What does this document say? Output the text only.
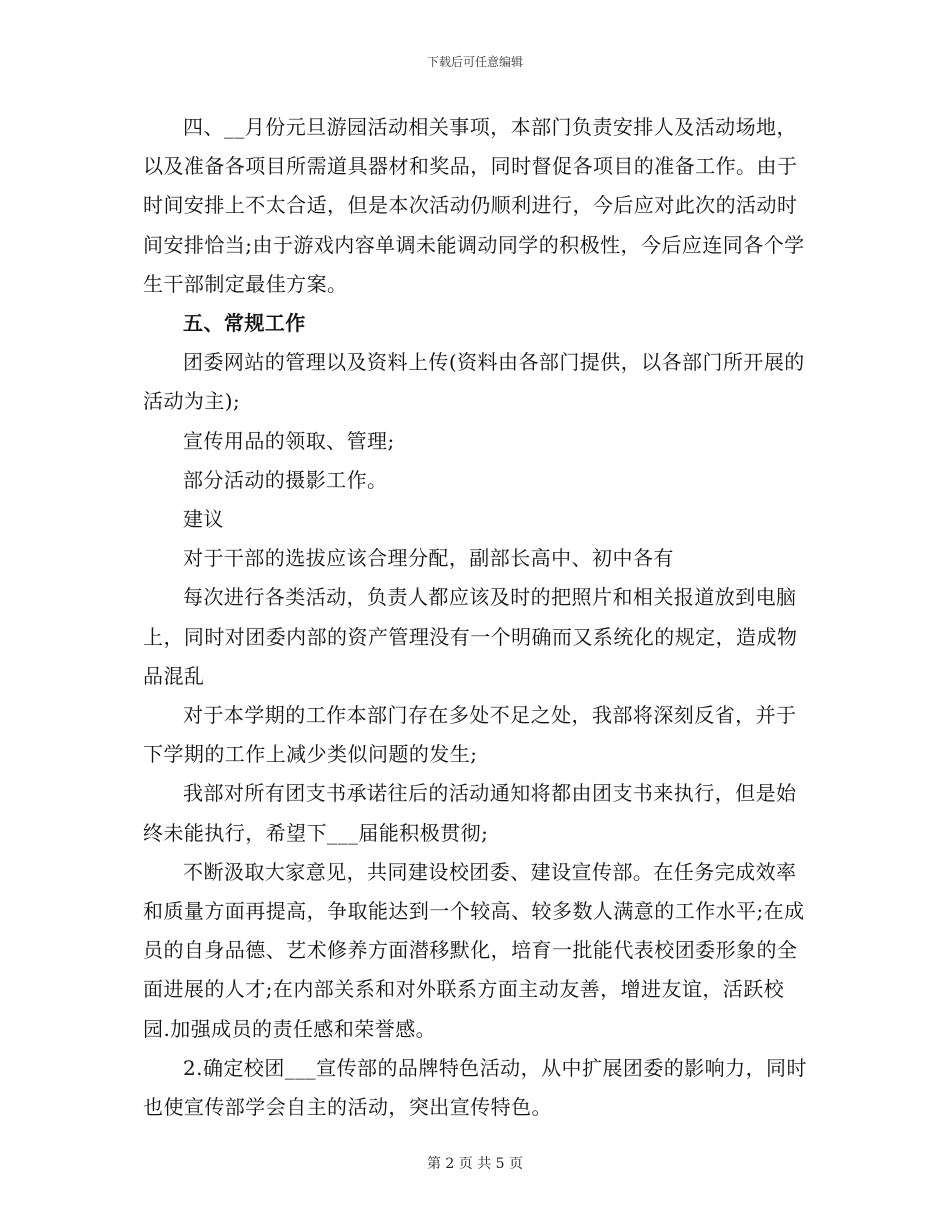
下载后可任意编辑

四、__月份元旦游园活动相关事项，本部门负责安排人及活动场地，以及准备各项目所需道具器材和奖品，同时督促各项目的准备工作。由于时间安排上不太合适，但是本次活动仍顺利进行，今后应对此次的活动时间安排恰当;由于游戏内容单调未能调动同学的积极性，今后应连同各个学生干部制定最佳方案。

五、常规工作

团委网站的管理以及资料上传(资料由各部门提供，以各部门所开展的活动为主);

宣传用品的领取、管理;

部分活动的摄影工作。

建议

对于干部的选拔应该合理分配，副部长高中、初中各有

每次进行各类活动，负责人都应该及时的把照片和相关报道放到电脑上，同时对团委内部的资产管理没有一个明确而又系统化的规定，造成物品混乱

对于本学期的工作本部门存在多处不足之处，我部将深刻反省，并于下学期的工作上减少类似问题的发生;

我部对所有团支书承诺往后的活动通知将都由团支书来执行，但是始终未能执行，希望下___届能积极贯彻;

不断汲取大家意见，共同建设校团委、建设宣传部。在任务完成效率和质量方面再提高，争取能达到一个较高、较多数人满意的工作水平;在成员的自身品德、艺术修养方面潜移默化，培育一批能代表校团委形象的全面进展的人才;在内部关系和对外联系方面主动友善，增进友谊，活跃校园.加强成员的责任感和荣誉感。

2.确定校团___宣传部的品牌特色活动，从中扩展团委的影响力，同时也使宣传部学会自主的活动，突出宣传特色。

第 2 页 共 5 页
